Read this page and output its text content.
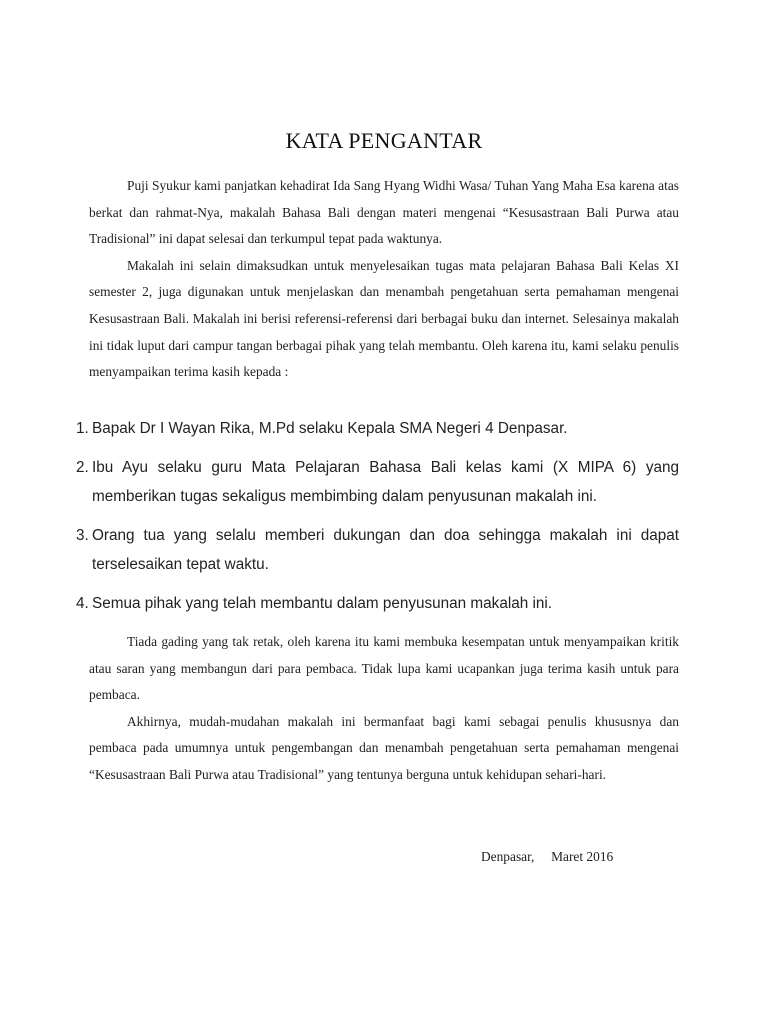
KATA PENGANTAR

Puji Syukur kami panjatkan kehadirat Ida Sang Hyang Widhi Wasa/ Tuhan Yang Maha Esa karena atas berkat dan rahmat-Nya, makalah Bahasa Bali dengan materi mengenai “Kesusastraan Bali Purwa atau Tradisional” ini dapat selesai dan terkumpul tepat pada waktunya.

Makalah ini selain dimaksudkan untuk menyelesaikan tugas mata pelajaran Bahasa Bali Kelas XI semester 2, juga digunakan untuk menjelaskan dan menambah pengetahuan serta pemahaman mengenai Kesusastraan Bali. Makalah ini berisi referensi-referensi dari berbagai buku dan internet. Selesainya makalah ini tidak luput dari campur tangan berbagai pihak yang telah membantu. Oleh karena itu, kami selaku penulis menyampaikan terima kasih kepada :

1. Bapak Dr I Wayan Rika, M.Pd selaku Kepala SMA Negeri 4 Denpasar.
2. Ibu Ayu selaku guru Mata Pelajaran Bahasa Bali kelas kami (X MIPA 6) yang memberikan tugas sekaligus membimbing dalam penyusunan makalah ini.
3. Orang tua yang selalu memberi dukungan dan doa sehingga makalah ini dapat terselesaikan tepat waktu.
4. Semua pihak yang telah membantu dalam penyusunan makalah ini.

Tiada gading yang tak retak, oleh karena itu kami membuka kesempatan untuk menyampaikan kritik atau saran yang membangun dari para pembaca. Tidak lupa kami ucapankan juga terima kasih untuk para pembaca.

Akhirnya, mudah-mudahan makalah ini bermanfaat bagi kami sebagai penulis khususnya dan pembaca pada umumnya untuk pengembangan dan menambah pengetahuan serta pemahaman mengenai “Kesusastraan Bali Purwa atau Tradisional” yang tentunya berguna untuk kehidupan sehari-hari.

Denpasar,     Maret 2016
